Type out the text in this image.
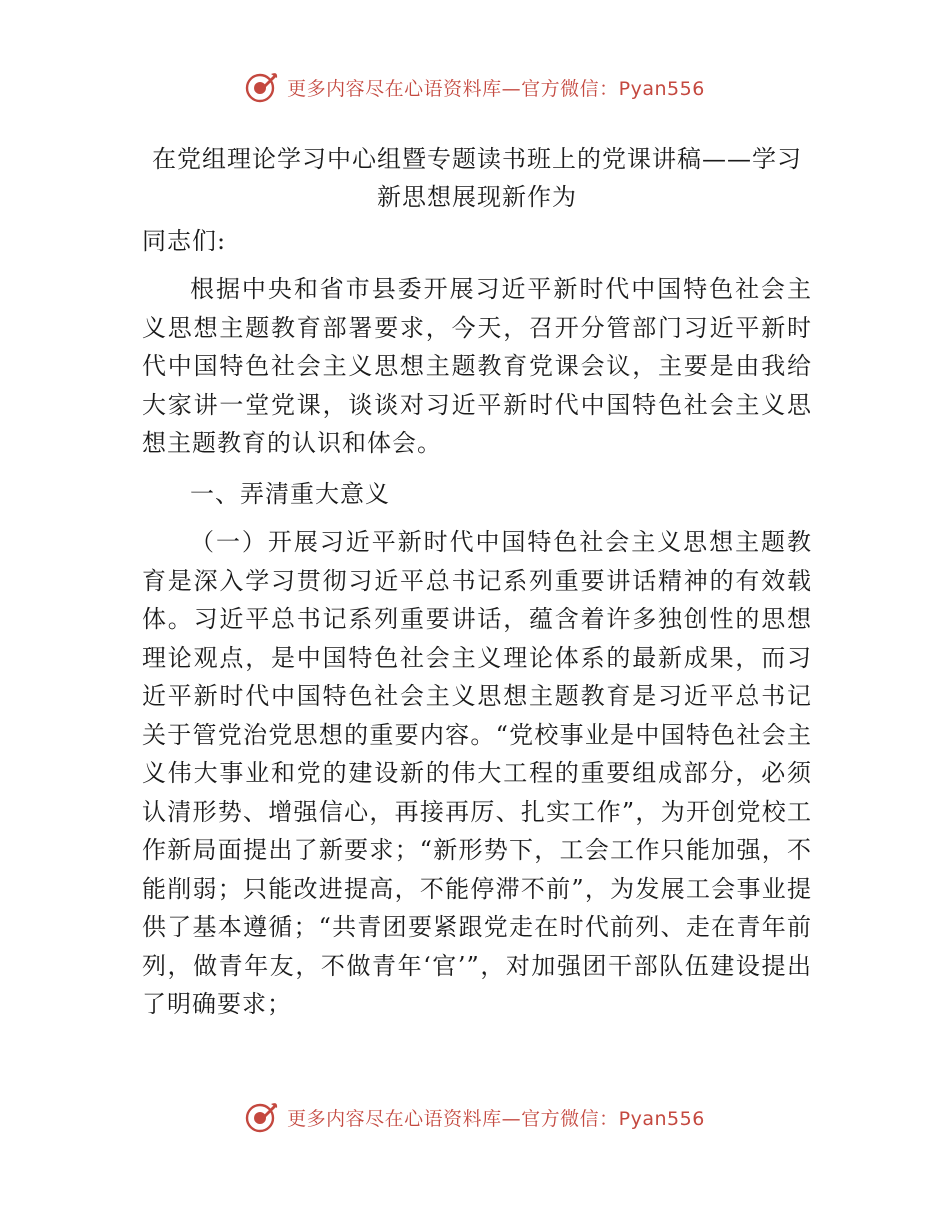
更多内容尽在心语资料库—官方微信：Pyan556
在党组理论学习中心组暨专题读书班上的党课讲稿——学习新思想展现新作为

同志们:

根据中央和省市县委开展习近平新时代中国特色社会主义思想主题教育部署要求，今天，召开分管部门习近平新时代中国特色社会主义思想主题教育党课会议，主要是由我给大家讲一堂党课，谈谈对习近平新时代中国特色社会主义思想主题教育的认识和体会。

一、弄清重大意义

（一）开展习近平新时代中国特色社会主义思想主题教育是深入学习贯彻习近平总书记系列重要讲话精神的有效载体。习近平总书记系列重要讲话，蕴含着许多独创性的思想理论观点，是中国特色社会主义理论体系的最新成果，而习近平新时代中国特色社会主义思想主题教育是习近平总书记关于管党治党思想的重要内容。“党校事业是中国特色社会主义伟大事业和党的建设新的伟大工程的重要组成部分，必须认清形势、增强信心，再接再厉、扎实工作”，为开创党校工作新局面提出了新要求；“新形势下，工会工作只能加强，不能削弱；只能改进提高，不能停滞不前”，为发展工会事业提供了基本遵循；“共青团要紧跟党走在时代前列、走在青年前列，做青年友，不做青年‘官’”，对加强团干部队伍建设提出了明确要求；

更多内容尽在心语资料库—官方微信：Pyan556
